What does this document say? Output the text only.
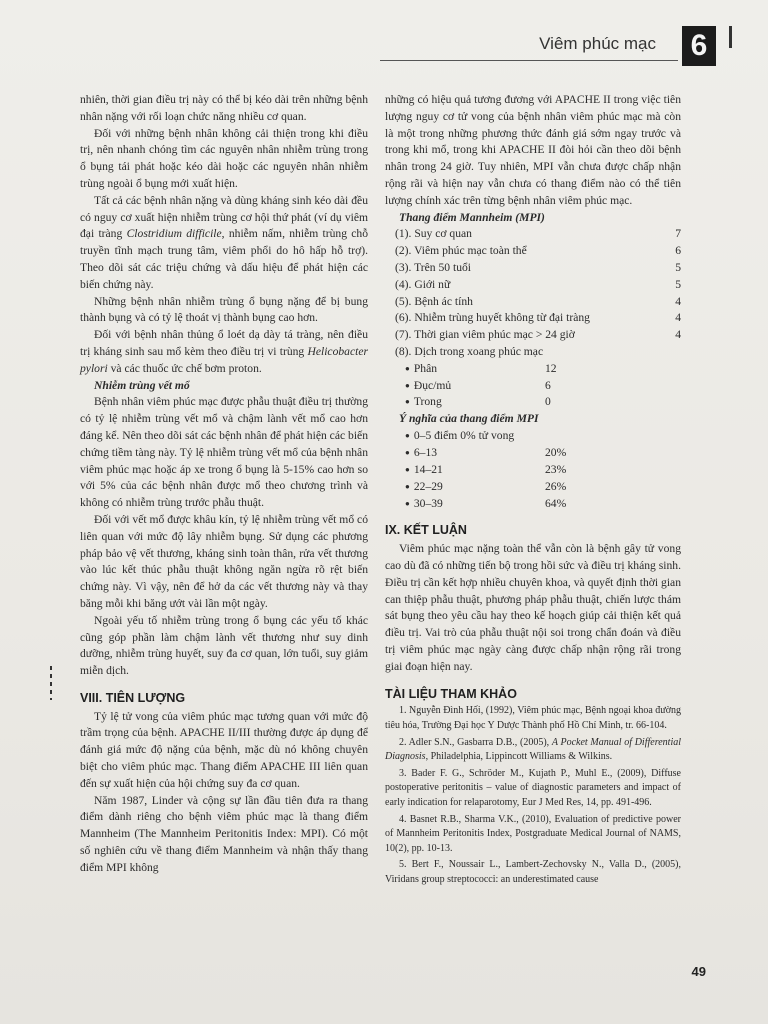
Viêm phúc mạc 6

nhiên, thời gian điều trị này có thể bị kéo dài trên những bệnh nhân nặng với rối loạn chức năng nhiều cơ quan.

Đối với những bệnh nhân không cải thiện trong khi điều trị, nên nhanh chóng tìm các nguyên nhân nhiễm trùng trong ổ bụng tái phát hoặc kéo dài hoặc các nguyên nhân nhiễm trùng ngoài ổ bụng mới xuất hiện.

Tất cả các bệnh nhân nặng và dùng kháng sinh kéo dài đều có nguy cơ xuất hiện nhiễm trùng cơ hội thứ phát (ví dụ viêm đại tràng Clostridium difficile, nhiễm nấm, nhiễm trùng chỗ truyền tĩnh mạch trung tâm, viêm phổi do hô hấp hỗ trợ). Theo dõi sát các triệu chứng và dấu hiệu để phát hiện các biến chứng này.

Những bệnh nhân nhiễm trùng ổ bụng nặng để bị bung thành bụng và có tỷ lệ thoát vị thành bụng cao hơn.

Đối với bệnh nhân thủng ổ loét dạ dày tá tràng, nên điều trị kháng sinh sau mổ kèm theo điều trị vi trùng Helicobacter pylori và các thuốc ức chế bơm proton.

Nhiễm trùng vết mổ

Bệnh nhân viêm phúc mạc được phẫu thuật điều trị thường có tỷ lệ nhiễm trùng vết mổ và chậm lành vết mổ cao hơn đáng kể. Nên theo dõi sát các bệnh nhân để phát hiện các biến chứng tiềm tàng này. Tỷ lệ nhiễm trùng vết mổ của bệnh nhân viêm phúc mạc hoặc áp xe trong ổ bụng là 5-15% cao hơn so với 5% của các bệnh nhân được mổ theo chương trình và không có nhiễm trùng trước phẫu thuật.

Đối với vết mổ được khâu kín, tỷ lệ nhiễm trùng vết mổ có liên quan với mức độ lây nhiễm bụng. Sử dụng các phương pháp bảo vệ vết thương, kháng sinh toàn thân, rửa vết thương vào lúc kết thúc phẫu thuật không ngăn ngừa rõ rệt biến chứng này. Vì vậy, nên để hở da các vết thương này và thay băng mỗi khi băng ướt vài lần một ngày.

Ngoài yếu tố nhiễm trùng trong ổ bụng các yếu tố khác cũng góp phần làm chậm lành vết thương như suy dinh dưỡng, nhiễm trùng huyết, suy đa cơ quan, lớn tuổi, suy giảm miễn dịch.

VIII. TIÊN LƯỢNG

Tỷ lệ tử vong của viêm phúc mạc tương quan với mức độ trầm trọng của bệnh. APACHE II/III thường được áp dụng để đánh giá mức độ nặng của bệnh, mặc dù nó không chuyên biệt cho viêm phúc mạc. Thang điểm APACHE III liên quan đến sự xuất hiện của hội chứng suy đa cơ quan.

Năm 1987, Linder và cộng sự lần đầu tiên đưa ra thang điểm dành riêng cho bệnh viêm phúc mạc là thang điểm Mannheim (The Mannheim Peritonitis Index: MPI). Có một số nghiên cứu về thang điểm Mannheim và nhận thấy thang điểm MPI không

những có hiệu quả tương đương với APACHE II trong việc tiên lượng nguy cơ tử vong của bệnh nhân viêm phúc mạc mà còn là một trong những phương thức đánh giá sớm ngay trước và trong khi mổ, trong khi APACHE II đòi hỏi cần theo dõi bệnh nhân trong 24 giờ. Tuy nhiên, MPI vẫn chưa được chấp nhận rộng rãi và hiện nay vẫn chưa có thang điểm nào có thể tiên lượng chính xác trên từng bệnh nhân viêm phúc mạc.

Thang điểm Mannheim (MPI)

(1). Suy cơ quan	7
(2). Viêm phúc mạc toàn thể	6
(3). Trên 50 tuổi	5
(4). Giới nữ	5
(5). Bệnh ác tính	4
(6). Nhiễm trùng huyết không từ đại tràng	4
(7). Thời gian viêm phúc mạc > 24 giờ	4
(8). Dịch trong xoang phúc mạc
● Phân	12
● Đục/mủ	6
● Trong	0

Ý nghĩa của thang điểm MPI

● 0–5 điểm 0% tử vong
● 6–13	20%
● 14–21	23%
● 22–29	26%
● 30–39	64%

IX. KẾT LUẬN

Viêm phúc mạc nặng toàn thể vẫn còn là bệnh gây tử vong cao dù đã có những tiến bộ trong hồi sức và điều trị kháng sinh. Điều trị cần kết hợp nhiều chuyên khoa, và quyết định thời gian can thiệp phẫu thuật, phương pháp phẫu thuật, chiến lược thám sát bụng theo yêu cầu hay theo kế hoạch giúp cải thiện kết quả điều trị. Vai trò của phẫu thuật nội soi trong chẩn đoán và điều trị viêm phúc mạc ngày càng được chấp nhận rộng rãi trong giai đoạn hiện nay.

TÀI LIỆU THAM KHẢO

1. Nguyễn Đình Hối, (1992), Viêm phúc mạc, Bệnh ngoại khoa đường tiêu hóa, Trường Đại học Y Dược Thành phố Hồ Chí Minh, tr. 66-104.

2. Adler S.N., Gasbarra D.B., (2005), A Pocket Manual of Differential Diagnosis, Philadelphia, Lippincott Williams & Wilkins.

3. Bader F. G., Schröder M., Kujath P., Muhl E., (2009), Diffuse postoperative peritonitis – value of diagnostic parameters and impact of early indication for relaparotomy, Eur J Med Res, 14, pp. 491-496.

4. Basnet R.B., Sharma V.K., (2010), Evaluation of predictive power of Mannheim Peritonitis Index, Postgraduate Medical Journal of NAMS, 10(2), pp. 10-13.

5. Bert F., Noussair L., Lambert-Zechovsky N., Valla D., (2005), Viridans group streptococci: an underestimated cause

49
